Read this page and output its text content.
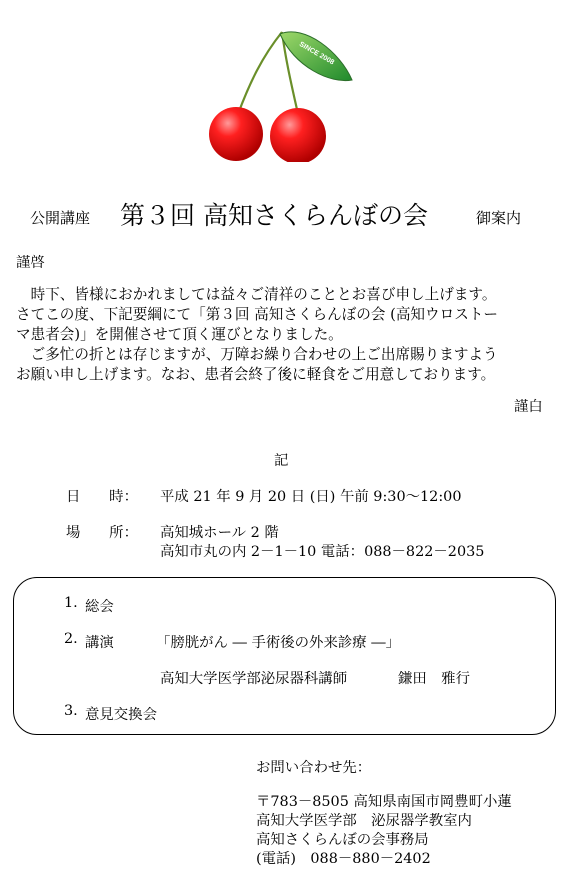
SINCE 2008
公開講座 第３回 高知さくらんぼの会	御案内
謹啓
　時下、皆様におかれましては益々ご清祥のこととお喜び申し上げます。
さてこの度、下記要綱にて「第３回 高知さくらんぼの会 (高知ウロストー
マ患者会)」を開催させて頂く運びとなりました。
　ご多忙の折とは存じますが、万障お繰り合わせの上ご出席賜りますよう
お願い申し上げます。なお、患者会終了後に軽食をご用意しております。
謹白
記
日　　時： 平成 21 年 9 月 20 日 (日) 午前 9:30～12:00
場　　所： 高知城ホール 2 階
高知市丸の内 2－1－10 電話：088－822－2035
1. 総会
2. 講演	「膀胱がん ― 手術後の外来診療 ―」
高知大学医学部泌尿器科講師	鎌田　雅行
3. 意見交換会
お問い合わせ先：
〒783－8505 高知県南国市岡豊町小蓮
高知大学医学部　泌尿器学教室内
高知さくらんぼの会事務局
(電話)　088－880－2402
